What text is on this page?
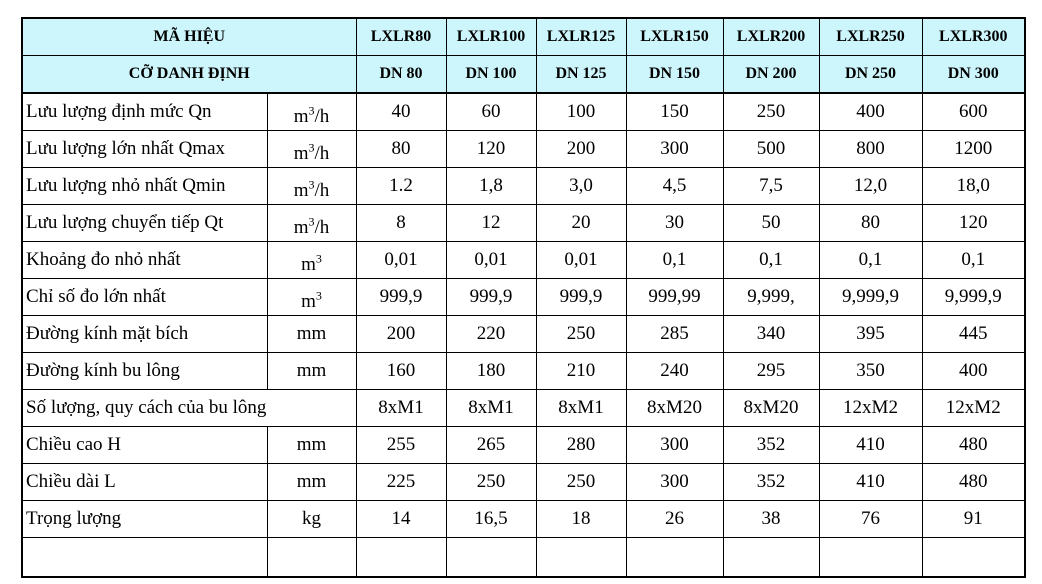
MÃ HIỆU		LXLR80	LXLR100	LXLR125	LXLR150	LXLR200	LXLR250	LXLR300
CỠ DANH ĐỊNH		DN 80	DN 100	DN 125	DN 150	DN 200	DN 250	DN 300
Lưu lượng định mức Qn	$m^3/h$	40	60	100	150	250	400	600
Lưu lượng lớn nhất Qmax	$m^3/h$	80	120	200	300	500	800	1200
Lưu lượng nhỏ nhất Qmin	$m^3/h$	1.2	1,8	3,0	4,5	7,5	12,0	18,0
Lưu lượng chuyển tiếp Qt	$m^3/h$	8	12	20	30	50	80	120
Khoảng đo nhỏ nhất	$m^3$	0,01	0,01	0,01	0,1	0,1	0,1	0,1
Chỉ số đo lớn nhất	$m^3$	999,9	999,9	999,9	999,99	9,999,	9,999,9	9,999,9
Đường kính mặt bích	mm	200	220	250	285	340	395	445
Đường kính bu lông	mm	160	180	210	240	295	350	400
Số lượng, quy cách của bu lông		8xM1	8xM1	8xM1	8xM20	8xM20	12xM2	12xM2
Chiều cao H	mm	255	265	280	300	352	410	480
Chiều dài L	mm	225	250	250	300	352	410	480
Trọng lượng	kg	14	16,5	18	26	38	76	91
